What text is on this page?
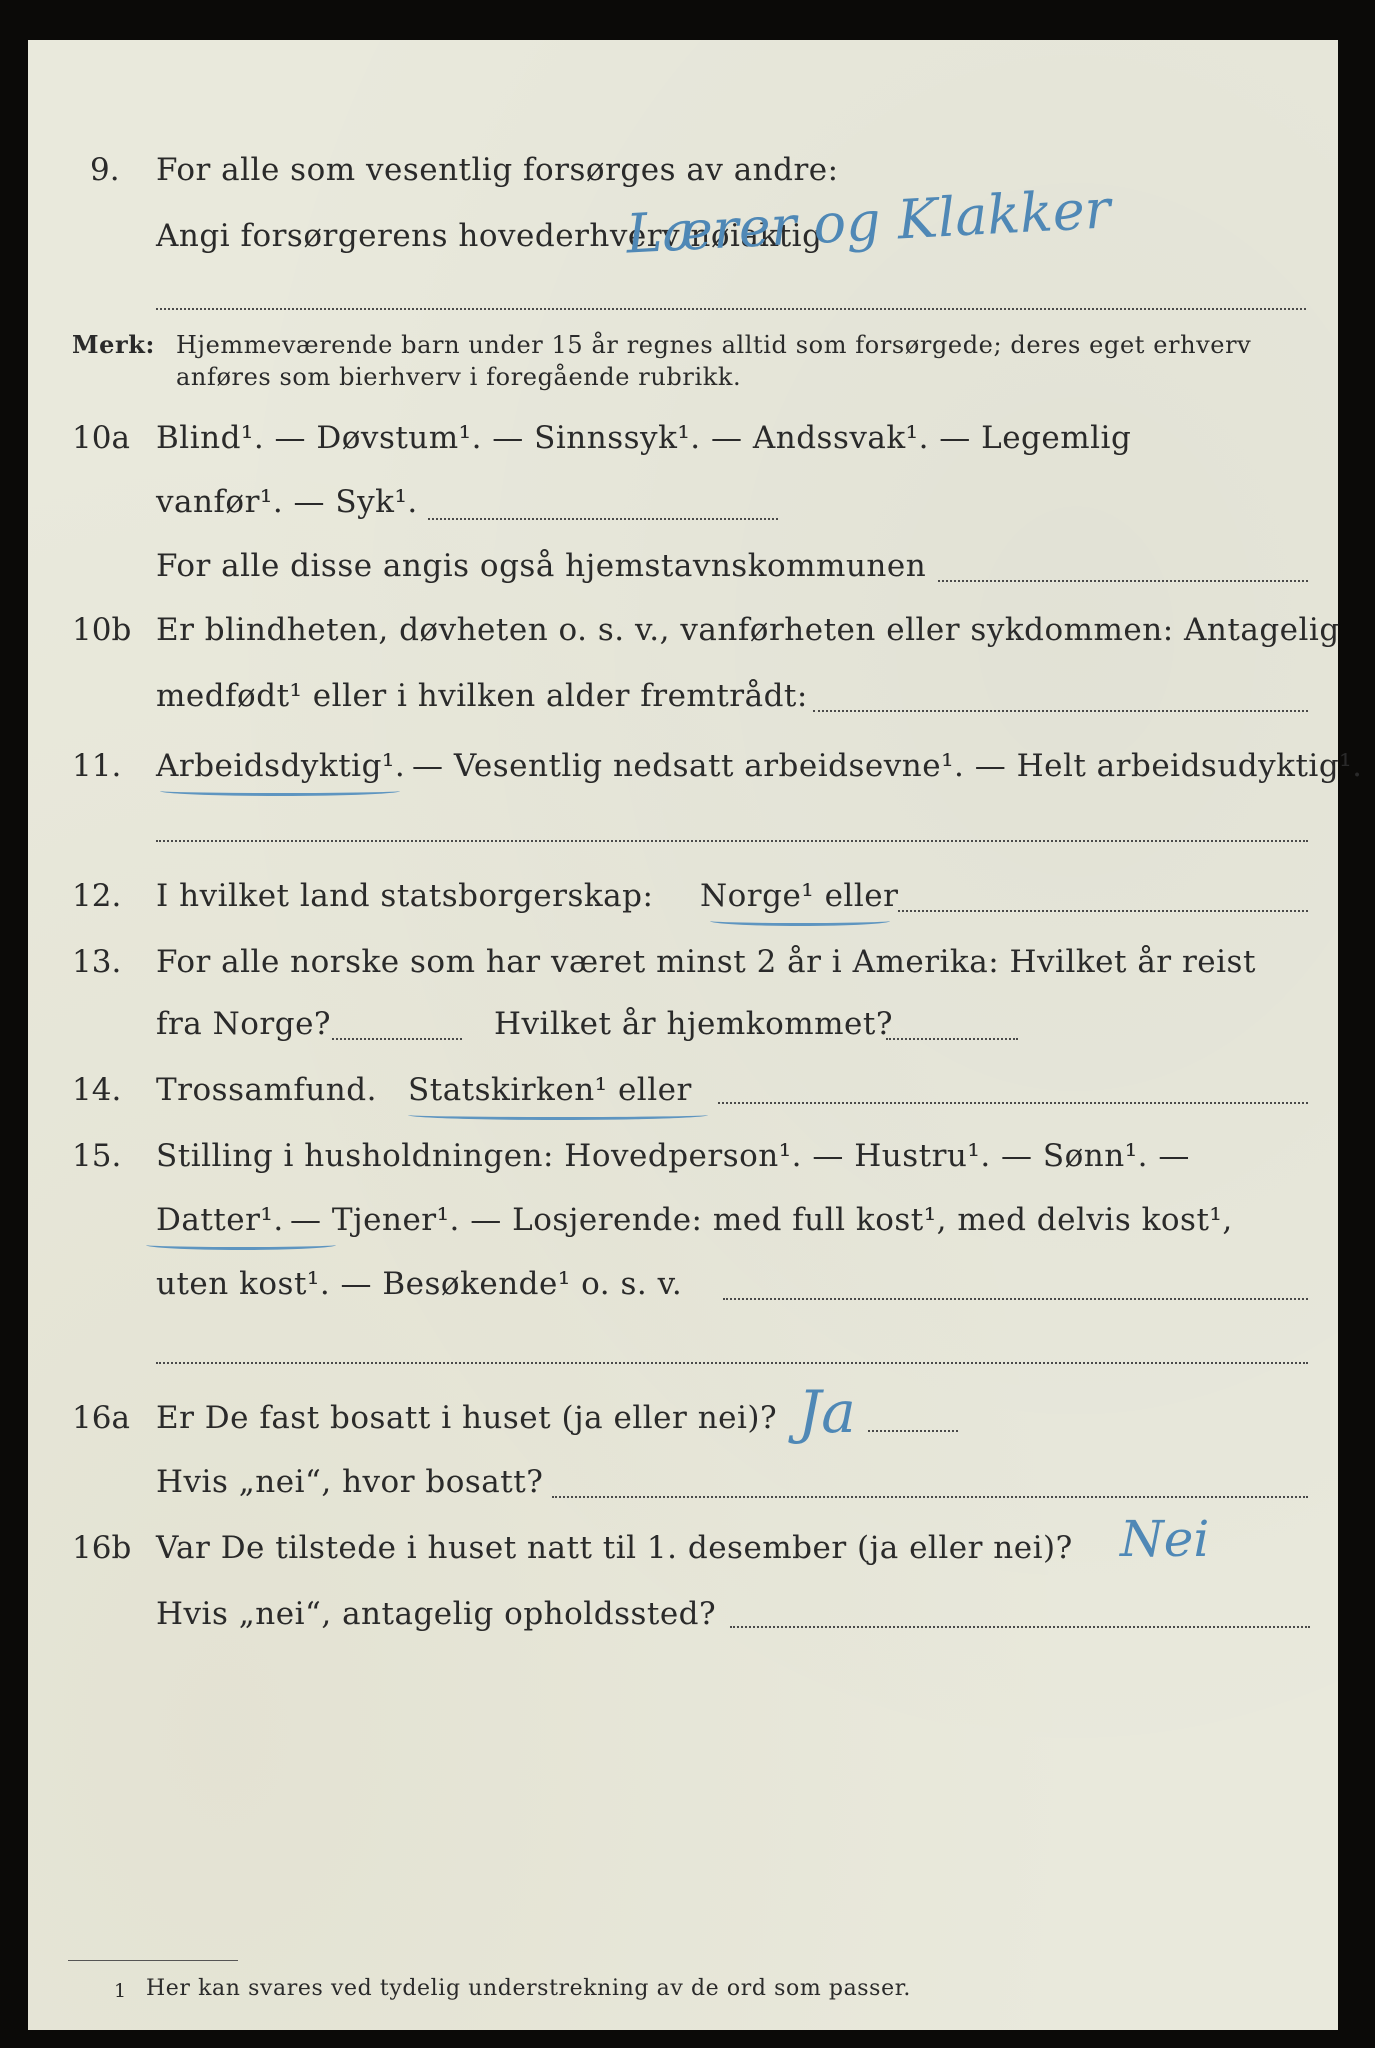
9. For alle som vesentlig forsørges av andre:
Angi forsørgerens hovederhverv nøiaktig
Lærer og Klakker
Merk: Hjemmeværende barn under 15 år regnes alltid som forsørgede; deres eget erhverv
anføres som bierhverv i foregående rubrikk.
10a Blind¹. — Døvstum¹. — Sinnssyk¹. — Andssvak¹. — Legemlig
vanfør¹. — Syk¹.
For alle disse angis også hjemstavnskommunen
10b Er blindheten, døvheten o. s. v., vanførheten eller sykdommen: Antagelig
medfødt¹ eller i hvilken alder fremtrådt:
11. Arbeidsdyktig¹. — Vesentlig nedsatt arbeidsevne¹. — Helt arbeidsudyktig¹.
12. I hvilket land statsborgerskap: Norge¹ eller
13. For alle norske som har været minst 2 år i Amerika: Hvilket år reist
fra Norge?	Hvilket år hjemkommet?
14. Trossamfund. Statskirken¹ eller
15. Stilling i husholdningen: Hovedperson¹. — Hustru¹. — Sønn¹. —
Datter¹. — Tjener¹. — Losjerende: med full kost¹, med delvis kost¹,
uten kost¹. — Besøkende¹ o. s. v.
16a Er De fast bosatt i huset (ja eller nei)? Ja
Hvis „nei“, hvor bosatt?
16b Var De tilstede i huset natt til 1. desember (ja eller nei)? Nei
Hvis „nei“, antagelig opholdssted?
1 Her kan svares ved tydelig understrekning av de ord som passer.
